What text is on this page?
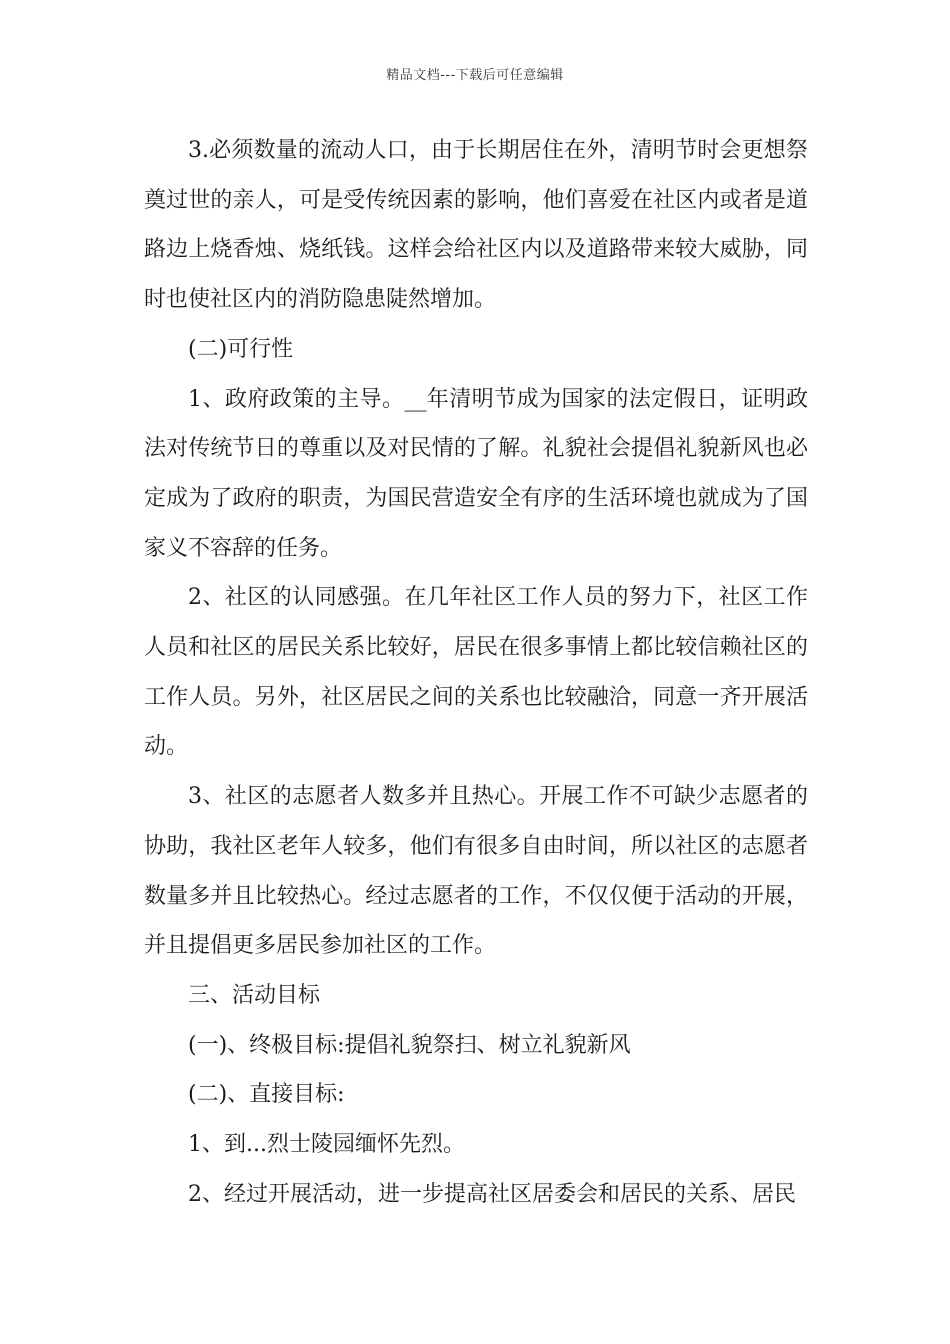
精品文档---下载后可任意编辑

3.必须数量的流动人口，由于长期居住在外，清明节时会更想祭奠过世的亲人，可是受传统因素的影响，他们喜爱在社区内或者是道路边上烧香烛、烧纸钱。这样会给社区内以及道路带来较大威胁，同时也使社区内的消防隐患陡然增加。

(二)可行性

1、政府政策的主导。__年清明节成为国家的法定假日，证明政法对传统节日的尊重以及对民情的了解。礼貌社会提倡礼貌新风也必定成为了政府的职责，为国民营造安全有序的生活环境也就成为了国家义不容辞的任务。

2、社区的认同感强。在几年社区工作人员的努力下，社区工作人员和社区的居民关系比较好，居民在很多事情上都比较信赖社区的工作人员。另外，社区居民之间的关系也比较融洽，同意一齐开展活动。

3、社区的志愿者人数多并且热心。开展工作不可缺少志愿者的协助，我社区老年人较多，他们有很多自由时间，所以社区的志愿者数量多并且比较热心。经过志愿者的工作，不仅仅便于活动的开展，并且提倡更多居民参加社区的工作。

三、活动目标

(一)、终极目标:提倡礼貌祭扫、树立礼貌新风

(二)、直接目标:

1、到...烈士陵园缅怀先烈。

2、经过开展活动，进一步提高社区居委会和居民的关系、居民
